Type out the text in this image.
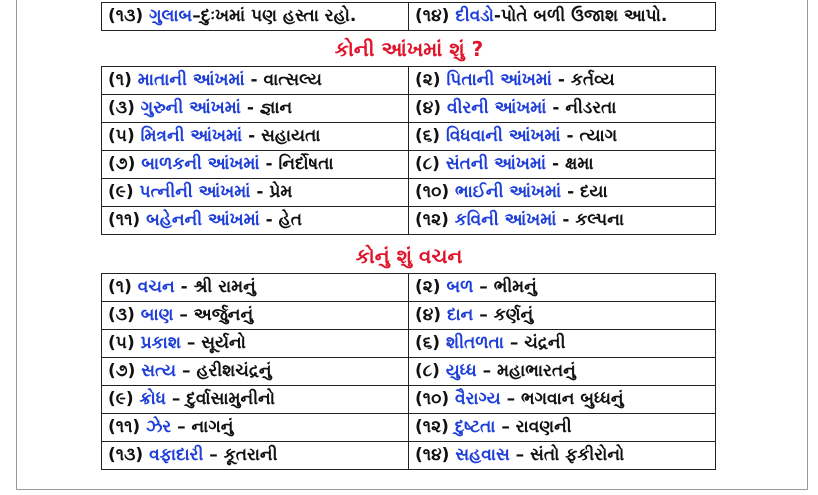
(૧૩) ગુલાબ–દુઃખમાં પણ હસ્તા રહો.	(૧૪) દીવડો-પોતે બળી ઉજાશ આપો.
કોની આંખમાં શું ?
(૧) માતાની આંખમાં - વાત્સલ્ય	(૨) પિતાની આંખમાં - કર્તવ્ય
(૩) ગુરુની આંખમાં - જ્ઞાન	(૪) વીરની આંખમાં - નીડરતા
(૫) મિત્રની આંખમાં - સહાયતા	(૬) વિધવાની આંખમાં - ત્યાગ
(૭) બાળકની આંખમાં - નિર્દોષતા	(૮) સંતની આંખમાં - ક્ષમા
(૯) પત્નીની આંખમાં - પ્રેમ	(૧૦) ભાઈની આંખમાં - દયા
(૧૧) બહેનની આંખમાં - હેત	(૧૨) કવિની આંખમાં - કલ્પના
કોનું શું વચન
(૧) વચન - શ્રી રામનું	(૨) બળ – ભીમનું
(૩) બાણ – અર્જુનનું	(૪) દાન – કર્ણનું
(૫) પ્રકાશ – સૂર્યનો	(૬) શીતળતા – ચંદ્રની
(૭) સત્ય – હરીશચંદ્રનું	(૮) યુધ્ધ – મહાભારતનું
(૯) ક્રોધ – દુર્વાસામુનીનો	(૧૦) વૈરાગ્ય – ભગવાન બુધ્ધનું
(૧૧) ઝેર – નાગનું	(૧૨) દુષ્ટતા – રાવણની
(૧૩) વફાદારી – કૂતરાની	(૧૪) સહવાસ – સંતો ફકીરોનો
